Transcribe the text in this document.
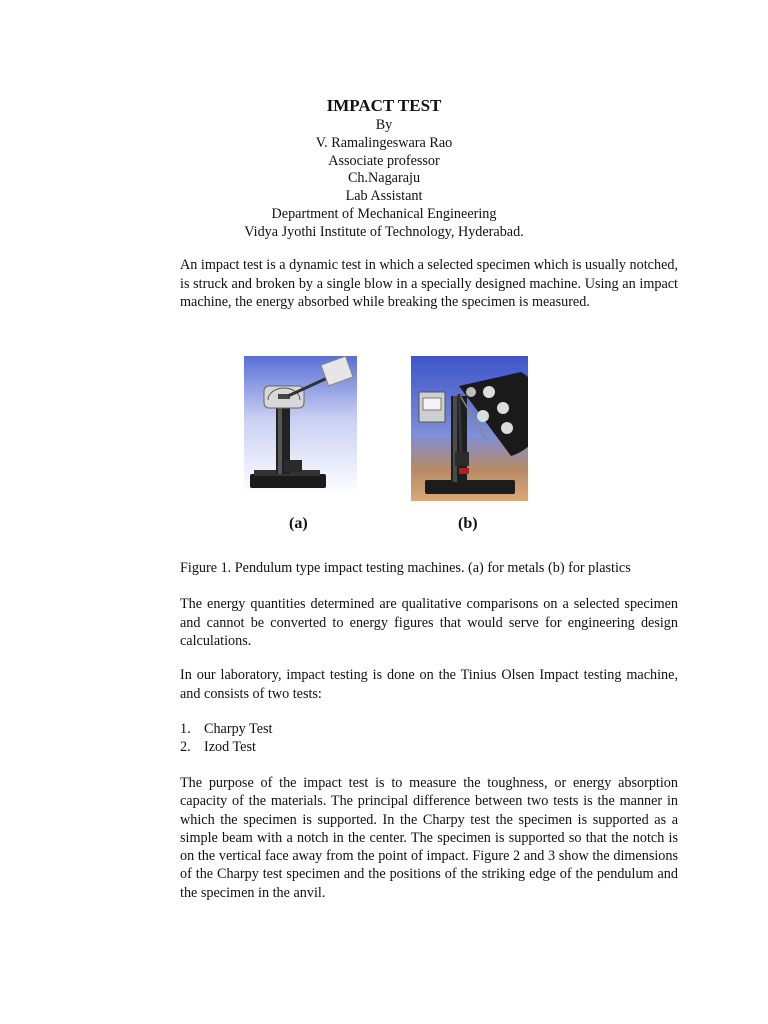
IMPACT TEST
By
V. Ramalingeswara Rao
Associate professor
Ch.Nagaraju
Lab Assistant
Department of Mechanical Engineering
Vidya Jyothi Institute of Technology, Hyderabad.

An impact test is a dynamic test in which a selected specimen which is usually notched, is struck and broken by a single blow in a specially designed machine. Using an impact machine, the energy absorbed while breaking the specimen is measured.

(a)	(b)

Figure 1. Pendulum type impact testing machines. (a) for metals (b) for plastics

The energy quantities determined are qualitative comparisons on a selected specimen and cannot be converted to energy figures that would serve for engineering design calculations.

In our laboratory, impact testing is done on the Tinius Olsen Impact testing machine, and consists of two tests:

1. Charpy Test
2. Izod Test

The purpose of the impact test is to measure the toughness, or energy absorption capacity of the materials. The principal difference between two tests is the manner in which the specimen is supported. In the Charpy test the specimen is supported as a simple beam with a notch in the center. The specimen is supported so that the notch is on the vertical face away from the point of impact. Figure 2 and 3 show the dimensions of the Charpy test specimen and the positions of the striking edge of the pendulum and the specimen in the anvil.
